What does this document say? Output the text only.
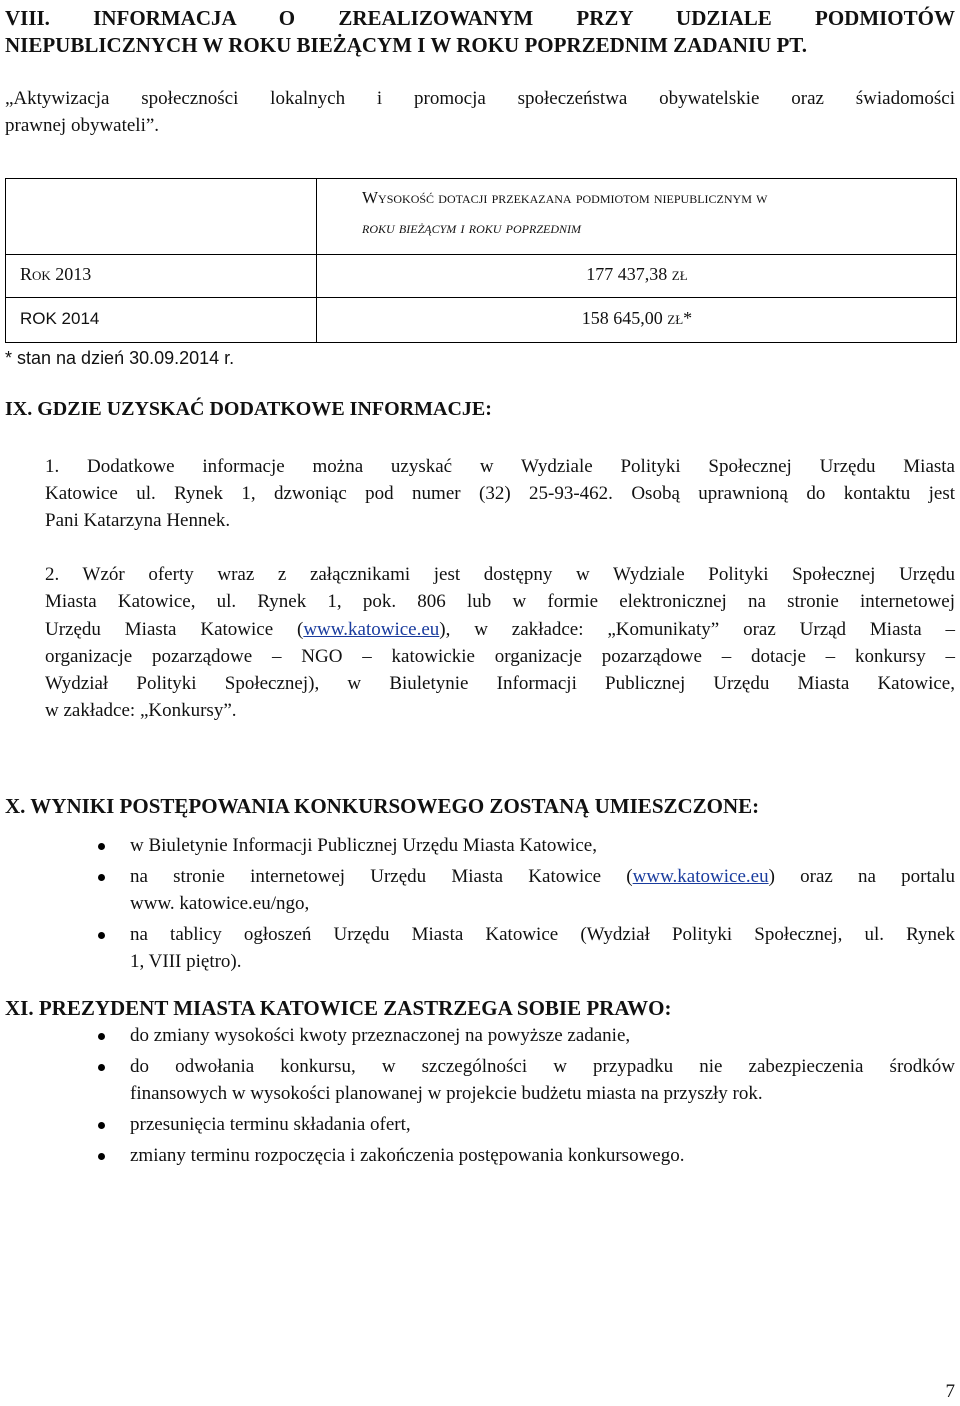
VIII. INFORMACJA O ZREALIZOWANYM PRZY UDZIALE PODMIOTÓW
NIEPUBLICZNYCH W ROKU BIEŻĄCYM I W ROKU POPRZEDNIM ZADANIU PT.
„Aktywizacja społeczności lokalnych i promocja społeczeństwa obywatelskie oraz świadomości
prawnej obywateli”.
Wysokość dotacji przekazana podmiotom niepublicznym w
roku bieżącym i roku poprzednim
Rok 2013	177 437,38 zł
ROK 2014	158 645,00 zł*
* stan na dzień 30.09.2014 r.
IX. GDZIE UZYSKAĆ DODATKOWE INFORMACJE:
1. Dodatkowe informacje można uzyskać w Wydziale Polityki Społecznej Urzędu Miasta
Katowice ul. Rynek 1, dzwoniąc pod numer (32) 25-93-462. Osobą uprawnioną do kontaktu jest
Pani Katarzyna Hennek.
2. Wzór oferty wraz z załącznikami jest dostępny w Wydziale Polityki Społecznej Urzędu
Miasta Katowice, ul. Rynek 1, pok. 806 lub w formie elektronicznej na stronie internetowej
Urzędu Miasta Katowice (www.katowice.eu), w zakładce: „Komunikaty” oraz Urząd Miasta –
organizacje pozarządowe – NGO – katowickie organizacje pozarządowe – dotacje – konkursy –
Wydział Polityki Społecznej), w Biuletynie Informacji Publicznej Urzędu Miasta Katowice,
w zakładce: „Konkursy”.
X. WYNIKI POSTĘPOWANIA KONKURSOWEGO ZOSTANĄ UMIESZCZONE:
w Biuletynie Informacji Publicznej Urzędu Miasta Katowice,
na stronie internetowej Urzędu Miasta Katowice (www.katowice.eu) oraz na portalu
www. katowice.eu/ngo,
na tablicy ogłoszeń Urzędu Miasta Katowice (Wydział Polityki Społecznej, ul. Rynek
1, VIII piętro).
XI. PREZYDENT MIASTA KATOWICE ZASTRZEGA SOBIE PRAWO:
do zmiany wysokości kwoty przeznaczonej na powyższe zadanie,
do odwołania konkursu, w szczególności w przypadku nie zabezpieczenia środków
finansowych w wysokości planowanej w projekcie budżetu miasta na przyszły rok.
przesunięcia terminu składania ofert,
zmiany terminu rozpoczęcia i zakończenia postępowania konkursowego.
7
